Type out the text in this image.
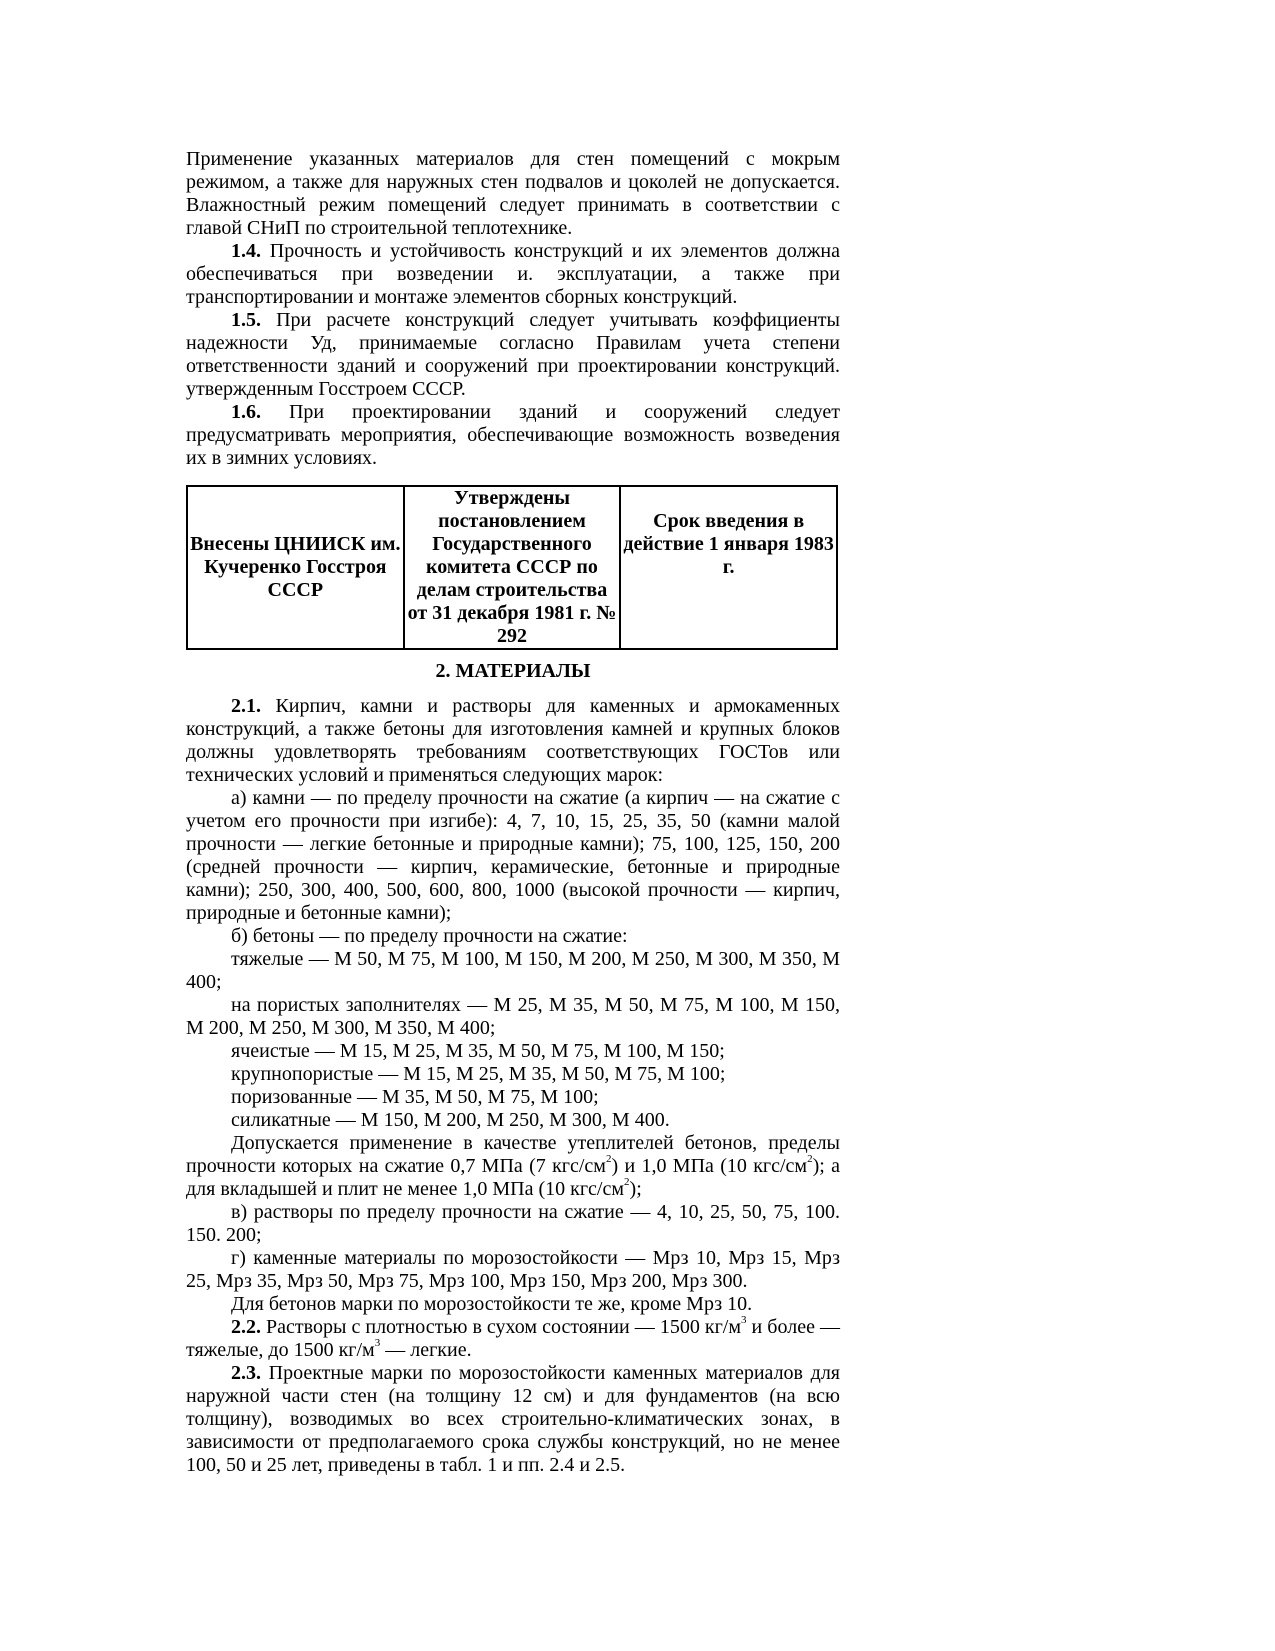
Применение указанных материалов для стен помещений с мокрым режимом, а также для наружных стен подвалов и цоколей не допускается. Влажностный режим помещений следует принимать в соответствии с главой СНиП по строительной теплотехнике.

1.4. Прочность и устойчивость конструкций и их элементов должна обеспечиваться при возведении и. эксплуатации, а также при транспортировании и монтаже элементов сборных конструкций.

1.5. При расчете конструкций следует учитывать коэффициенты надежности Уд, принимаемые согласно Правилам учета степени ответственности зданий и сооружений при проектировании конструкций. утвержденным Госстроем СССР.

1.6. При проектировании зданий и сооружений следует предусматривать мероприятия, обеспечивающие возможность возведения их в зимних условиях.

Внесены ЦНИИСК им. Кучеренко Госстроя СССР	Утверждены постановлением Государственного комитета СССР по делам строительства от 31 декабря 1981 г. № 292	Срок введения в действие 1 января 1983 г.
2. МАТЕРИАЛЫ

2.1. Кирпич, камни и растворы для каменных и армокаменных конструкций, а также бетоны для изготовления камней и крупных блоков должны удовлетворять требованиям соответствующих ГОСТов или технических условий и применяться следующих марок:

а) камни — по пределу прочности на сжатие (а кирпич — на сжатие с учетом его прочности при изгибе): 4, 7, 10, 15, 25, 35, 50 (камни малой прочности — легкие бетонные и природные камни); 75, 100, 125, 150, 200 (средней прочности — кирпич, керамические, бетонные и природные камни); 250, 300, 400, 500, 600, 800, 1000 (высокой прочности — кирпич, природные и бетонные камни);

б) бетоны — по пределу прочности на сжатие:

тяжелые — М 50, М 75, М 100, М 150, М 200, М 250, М 300, М 350, М 400;

на пористых заполнителях — М 25, М 35, М 50, М 75, М 100, М 150, М 200, М 250, М 300, М 350, М 400;

ячеистые — М 15, М 25, М 35, М 50, М 75, М 100, М 150;

крупнопористые — М 15, М 25, М 35, М 50, М 75, М 100;

поризованные — М 35, М 50, М 75, М 100;

силикатные — М 150, М 200, М 250, М 300, М 400.

Допускается применение в качестве утеплителей бетонов, пределы прочности которых на сжатие 0,7 МПа (7 кгс/$см^2$) и 1,0 МПа (10 кгс/$см^2$); а для вкладышей и плит не менее 1,0 МПа (10 кгс/$см^2$);

в) растворы по пределу прочности на сжатие — 4, 10, 25, 50, 75, 100. 150. 200;

г) каменные материалы по морозостойкости — Мрз 10, Мрз 15, Мрз 25, Мрз 35, Мрз 50, Мрз 75, Мрз 100, Мрз 150, Мрз 200, Мрз 300.

Для бетонов марки по морозостойкости те же, кроме Мрз 10.

2.2. Растворы с плотностью в сухом состоянии — 1500 $кг/м^3$ и более — тяжелые, до 1500 $кг/м^3$ — легкие.

2.3. Проектные марки по морозостойкости каменных материалов для наружной части стен (на толщину 12 см) и для фундаментов (на всю толщину), возводимых во всех строительно-климатических зонах, в зависимости от предполагаемого срока службы конструкций, но не менее 100, 50 и 25 лет, приведены в табл. 1 и пп. 2.4 и 2.5.
